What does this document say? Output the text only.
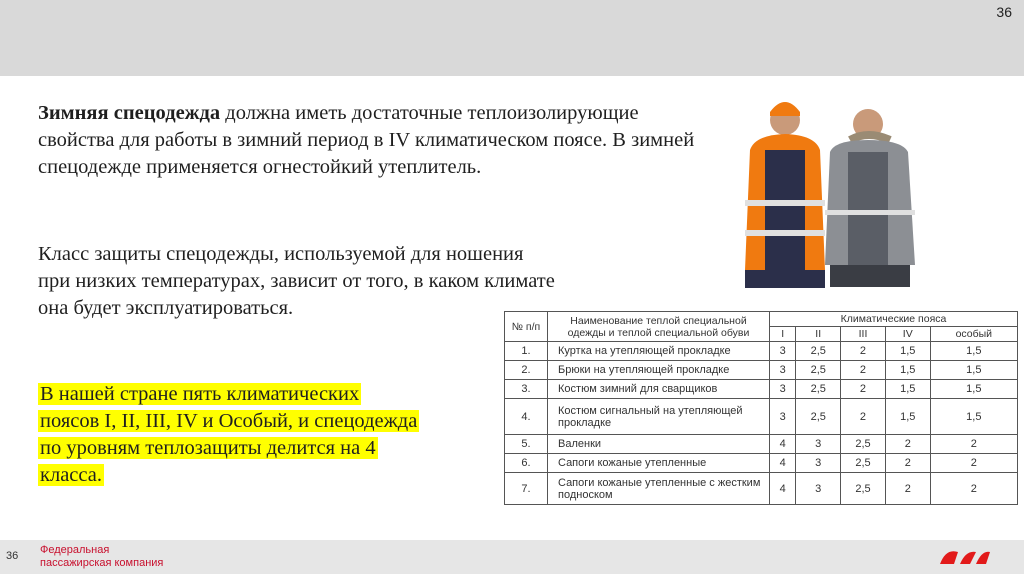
36

Зимняя спецодежда должна иметь достаточные теплоизолирующие свойства для работы в зимний период в IV климатическом поясе. В зимней спецодежде применяется огнестойкий утеплитель.

Класс защиты спецодежды, используемой для ношения при низких температурах, зависит от того, в каком климате она будет эксплуатироваться.

В нашей стране пять климатических поясов I, II, III, IV и Особый, и спецодежда по уровням теплозащиты делится на 4 класса.

№ п/п	Наименование теплой специальной одежды и теплой специальной обуви	Климатические пояса				
		I	II	III	IV	особый
1.	Куртка на утепляющей прокладке	3	2,5	2	1,5	1,5
2.	Брюки на утепляющей прокладке	3	2,5	2	1,5	1,5
3.	Костюм зимний для сварщиков	3	2,5	2	1,5	1,5
4.	Костюм сигнальный на утепляющей прокладке	3	2,5	2	1,5	1,5
5.	Валенки	4	3	2,5	2	2
6.	Сапоги кожаные утепленные	4	3	2,5	2	2
7.	Сапоги кожаные утепленные с жестким подноском	4	3	2,5	2	2
36 Федеральная
пассажирская компания
